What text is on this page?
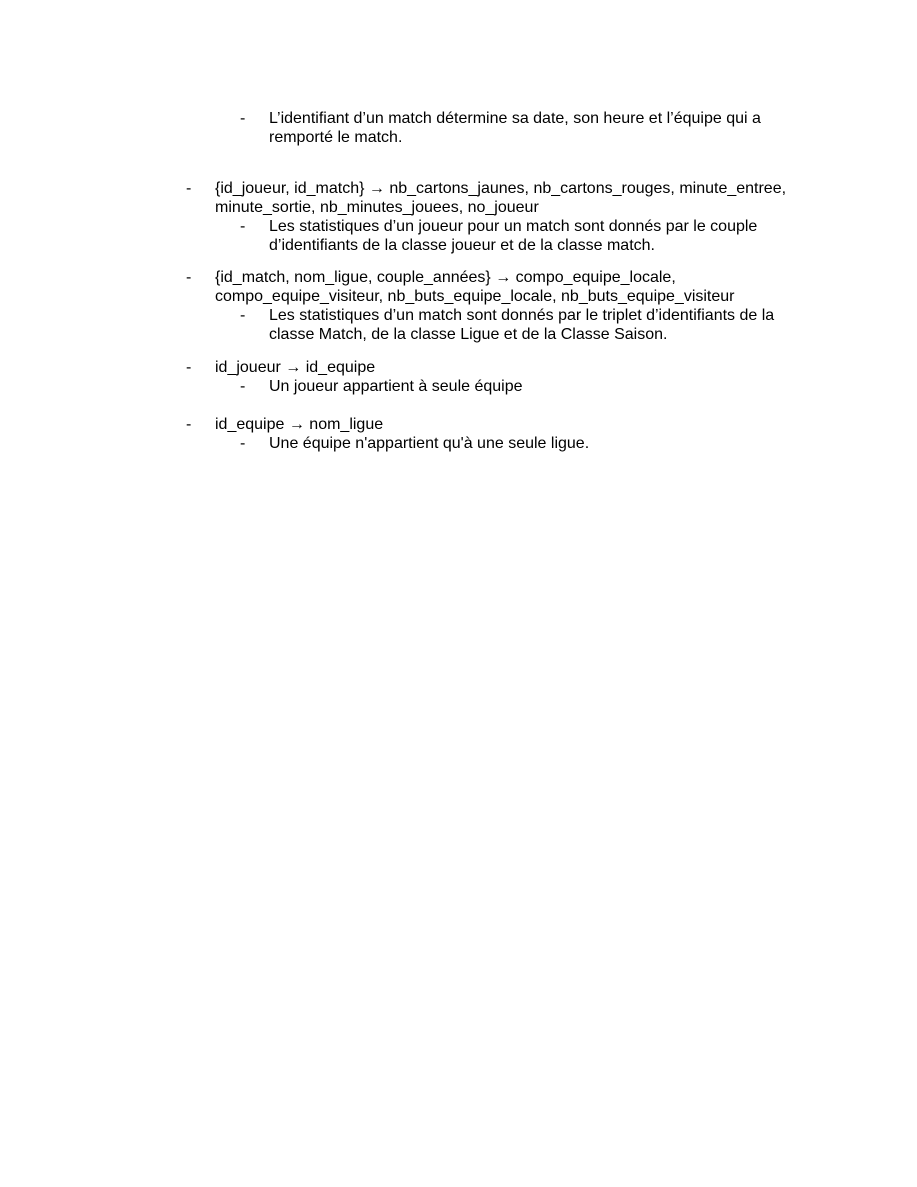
-	L’identifiant d’un match détermine sa date, son heure et l’équipe qui a remporté le match.
-	{id_joueur, id_match} → nb_cartons_jaunes, nb_cartons_rouges, minute_entree, minute_sortie, nb_minutes_jouees, no_joueur
-	Les statistiques d’un joueur pour un match sont donnés par le couple d’identifiants de la classe joueur et de la classe match.
-	{id_match, nom_ligue, couple_années} → compo_equipe_locale, compo_equipe_visiteur, nb_buts_equipe_locale, nb_buts_equipe_visiteur
-	Les statistiques d’un match sont donnés par le triplet d’identifiants de la classe Match, de la classe Ligue et de la Classe Saison.
-	id_joueur → id_equipe
-	Un joueur appartient à seule équipe
-	id_equipe → nom_ligue
-	Une équipe n'appartient qu'à une seule ligue.
